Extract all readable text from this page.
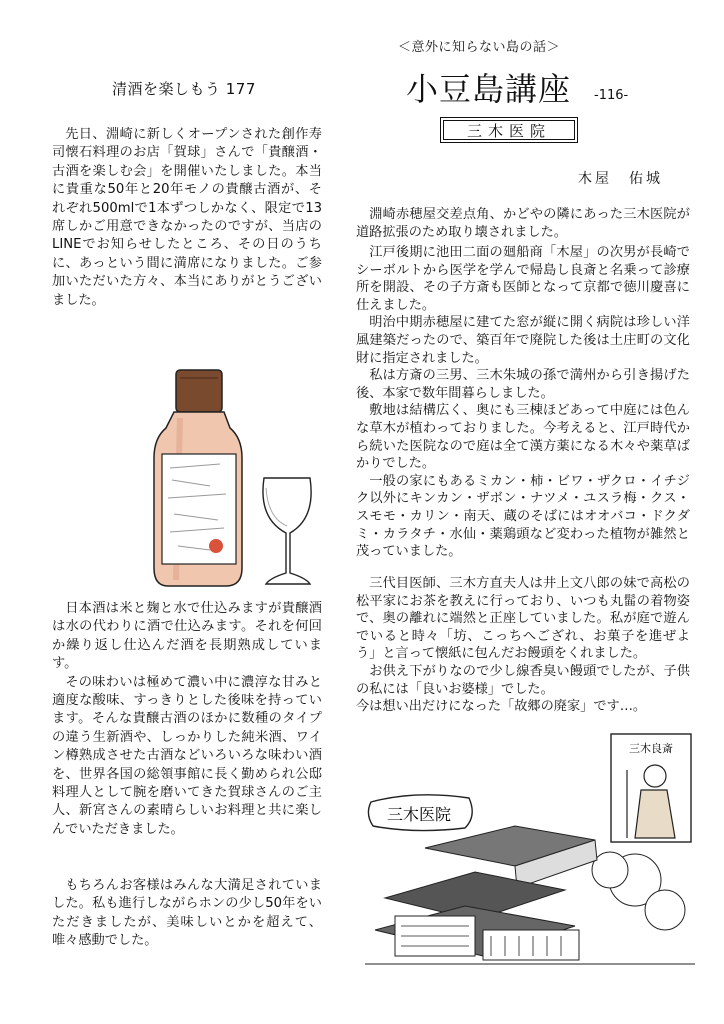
清酒を楽しもう 177

先日、淵崎に新しくオープンされた創作寿司懐石料理のお店「賀球」さんで「貴醸酒・古酒を楽しむ会」を開催いたしました。本当に貴重な50年と20年モノの貴醸古酒が、それぞれ500mlで1本ずつしかなく、限定で13席しかご用意できなかったのですが、当店のLINEでお知らせしたところ、その日のうちに、あっという間に満席になりました。ご参加いただいた方々、本当にありがとうございました。

日本酒は米と麹と水で仕込みますが貴醸酒は水の代わりに酒で仕込みます。それを何回か繰り返し仕込んだ酒を長期熟成しています。

その味わいは極めて濃い中に濃淳な甘みと適度な酸味、すっきりとした後味を持っています。そんな貴醸古酒のほかに数種のタイプの違う生新酒や、しっかりした純米酒、ワイン樽熟成させた古酒などいろいろな味わい酒を、世界各国の総領事館に長く勤められ公邸料理人として腕を磨いてきた賀球さんのご主人、新宮さんの素晴らしいお料理と共に楽しんでいただきました。

もちろんお客様はみんな大満足されていました。私も進行しながらホンの少し50年をいただきましたが、美味しいとかを超えて、唯々感動でした。

＜意外に知らない島の話＞
小豆島講座 -116-
三木医院
木屋　佑城

淵崎赤穂屋交差点角、かどやの隣にあった三木医院が道路拡張のため取り壊されました。

江戸後期に池田二面の廻船商「木屋」の次男が長崎でシーボルトから医学を学んで帰島し良斎と名乗って診療所を開設、その子方斎も医師となって京都で徳川慶喜に仕えました。

明治中期赤穂屋に建てた窓が縦に開く病院は珍しい洋風建築だったので、築百年で廃院した後は土庄町の文化財に指定されました。

私は方斎の三男、三木朱城の孫で満州から引き揚げた後、本家で数年間暮らしました。

敷地は結構広く、奥にも三棟ほどあって中庭には色んな草木が植わっておりました。今考えると、江戸時代から続いた医院なので庭は全て漢方薬になる木々や薬草ばかりでした。

一般の家にもあるミカン・柿・ビワ・ザクロ・イチジク以外にキンカン・ザボン・ナツメ・ユスラ梅・クス・スモモ・カリン・南天、蔵のそばにはオオバコ・ドクダミ・カラタチ・水仙・薬鶏頭など変わった植物が雑然と茂っていました。

三代目医師、三木方直夫人は井上文八郎の妹で高松の松平家にお茶を教えに行っており、いつも丸髷の着物姿で、奥の離れに端然と正座していました。私が庭で遊んでいると時々「坊、こっちへござれ、お菓子を進ぜよう」と言って懐紙に包んだお饅頭をくれました。

お供え下がりなので少し線香臭い饅頭でしたが、子供の私には「良いお婆様」でした。

今は想い出だけになった「故郷の廃家」です…。

三木良斎
三木医院
